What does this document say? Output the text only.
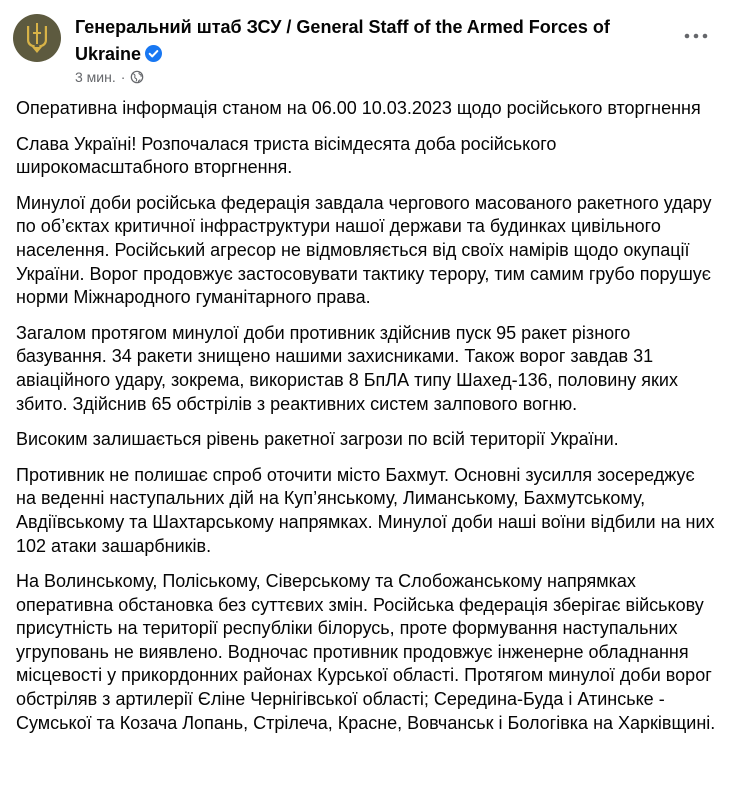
Генеральний штаб ЗСУ / General Staff of the Armed Forces of Ukraine
3 мин. ·

Оперативна інформація станом на 06.00 10.03.2023 щодо російського вторгнення

Слава Україні! Розпочалася триста вісімдесята доба російського широкомасштабного вторгнення.

Минулої доби російська федерація завдала чергового масованого ракетного удару по об’єктах критичної інфраструктури нашої держави та будинках цивільного населення. Російський агресор не відмовляється від своїх намірів щодо окупації України. Ворог продовжує застосовувати тактику терору, тим самим грубо порушує норми Міжнародного гуманітарного права.

Загалом протягом минулої доби противник здійснив пуск 95 ракет різного базування. 34 ракети знищено нашими захисниками. Також ворог завдав 31 авіаційного удару, зокрема, використав 8 БпЛА типу Шахед-136, половину яких збито. Здійснив 65 обстрілів з реактивних систем залпового вогню.

Високим залишається рівень ракетної загрози по всій території України.

Противник не полишає спроб оточити місто Бахмут. Основні зусилля зосереджує на веденні наступальних дій на Куп’янському, Лиманському, Бахмутському, Авдіївському та Шахтарському напрямках. Минулої доби наші воїни відбили на них 102 атаки зашарбників.

На Волинському, Поліському, Сіверському та Слобожанському напрямках оперативна обстановка без суттєвих змін. Російська федерація зберігає військову присутність на території республіки білорусь, проте формування наступальних угруповань не виявлено. Водночас противник продовжує інженерне обладнання місцевості у прикордонних районах Курської області. Протягом минулої доби ворог обстріляв з артилерії Єліне Чернігівської області; Середина-Буда і Атинське - Сумської та Козача Лопань, Стрілеча, Красне, Вовчанськ і Бологівка на Харківщині.
